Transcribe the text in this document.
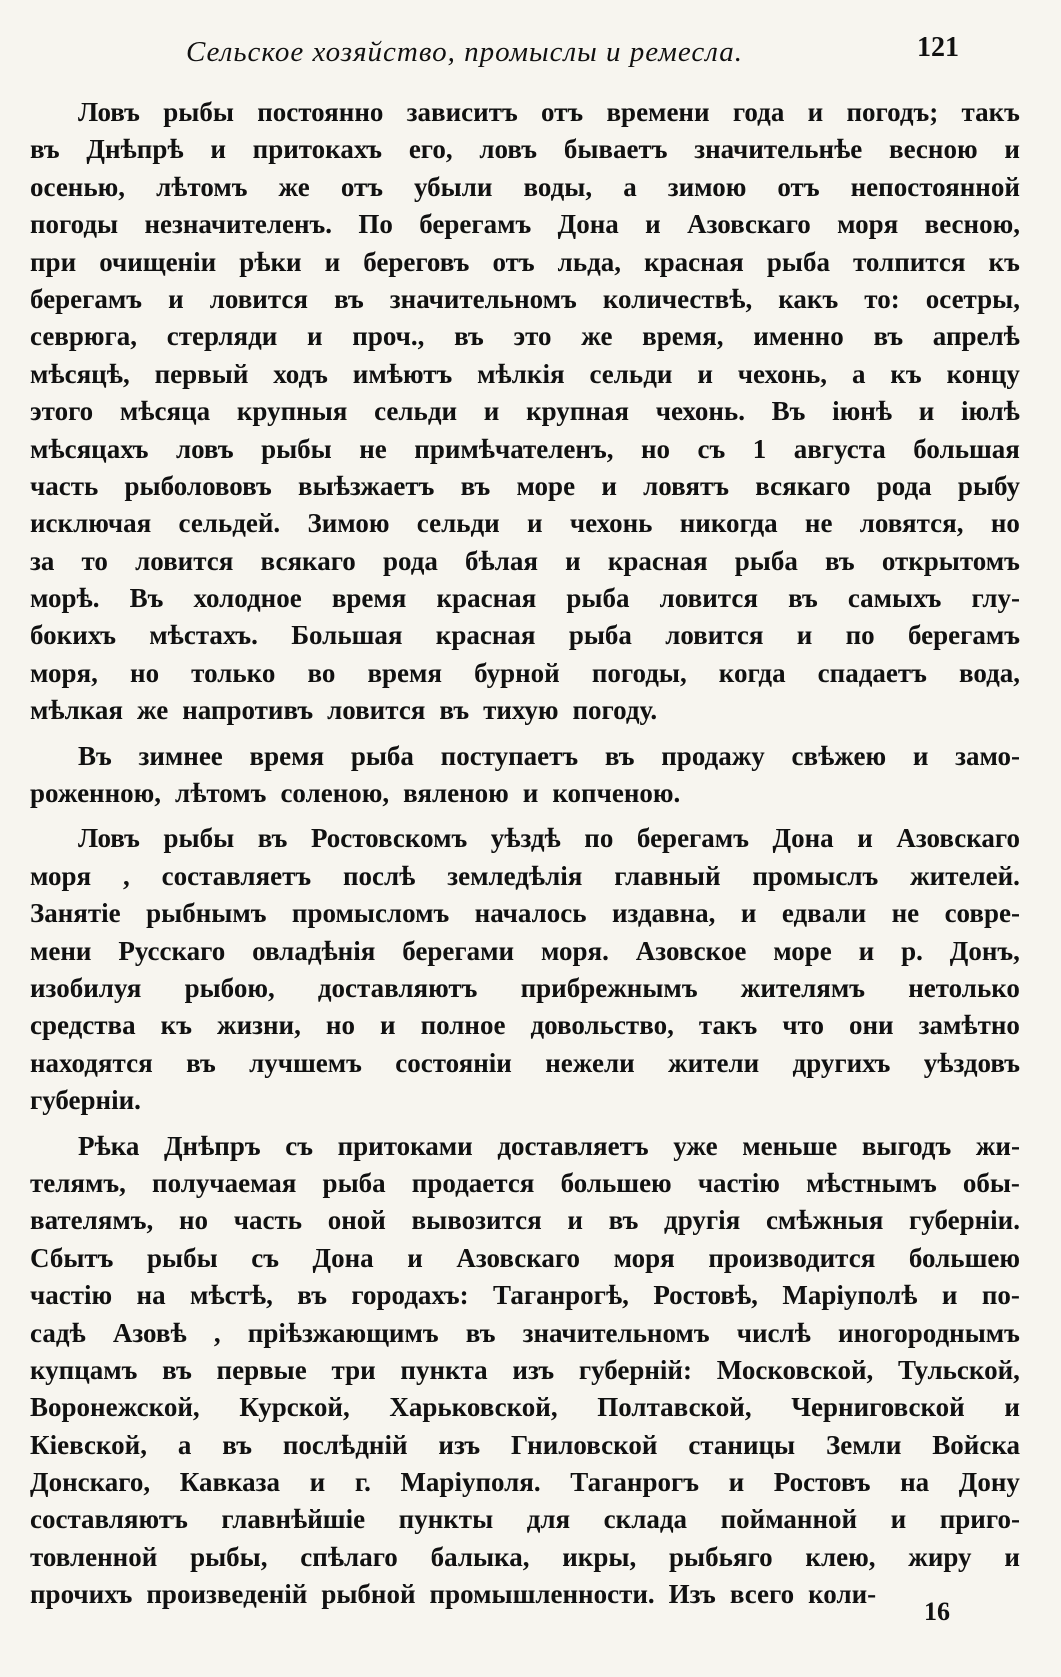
Сельское хозяйство, промыслы и ремесла.	121
Ловъ рыбы постоянно зависитъ отъ времени года и погодъ; такъ
въ Днѣпрѣ и притокахъ его, ловъ бываетъ значительнѣе весною и
осенью, лѣтомъ же отъ убыли воды, а зимою отъ непостоянной
погоды незначителенъ. По берегамъ Дона и Азовскаго моря весною,
при очищенiи рѣки и береговъ отъ льда, красная рыба толпится къ
берегамъ и ловится въ значительномъ количествѣ, какъ то: осетры,
севрюга, стерляди и проч., въ это же время, именно въ апрелѣ
мѣсяцѣ, первый ходъ имѣютъ мѣлкiя сельди и чехонь, а къ концу
этого мѣсяца крупныя сельди и крупная чехонь. Въ iюнѣ и iюлѣ
мѣсяцахъ ловъ рыбы не примѣчателенъ, но съ 1 августа большая
часть рыболововъ выѣзжаетъ въ море и ловятъ всякаго рода рыбу
исключая сельдей. Зимою сельди и чехонь никогда не ловятся, но
за то ловится всякаго рода бѣлая и красная рыба въ открытомъ
морѣ. Въ холодное время красная рыба ловится въ самыхъ глу-
бокихъ мѣстахъ. Большая красная рыба ловится и по берегамъ
моря, но только во время бурной погоды, когда спадаетъ вода,
мѣлкая же напротивъ ловится въ тихую погоду.
Въ зимнее время рыба поступаетъ въ продажу свѣжею и замо-
роженною, лѣтомъ соленою, вяленою и копченою.
Ловъ рыбы въ Ростовскомъ уѣздѣ по берегамъ Дона и Азовскаго
моря , составляетъ послѣ земледѣлiя главный промыслъ жителей.
Занятiе рыбнымъ промысломъ началось издавна, и едвали не совре-
мени Русскаго овладѣнiя берегами моря. Азовское море и р. Донъ,
изобилуя рыбою, доставляютъ прибрежнымъ жителямъ нетолько
средства къ жизни, но и полное довольство, такъ что они замѣтно
находятся въ лучшемъ состоянiи нежели жители другихъ уѣздовъ
губернiи.
Рѣка Днѣпръ съ притоками доставляетъ уже меньше выгодъ жи-
телямъ, получаемая рыба продается большею частiю мѣстнымъ обы-
вателямъ, но часть оной вывозится и въ другiя смѣжныя губернiи.
Сбытъ рыбы съ Дона и Азовскаго моря производится большею
частiю на мѣстѣ, въ городахъ: Таганрогѣ, Ростовѣ, Марiуполѣ и по-
садѣ Азовѣ , прiѣзжающимъ въ значительномъ числѣ иногороднымъ
купцамъ въ первые три пункта изъ губернiй: Московской, Тульской,
Воронежской, Курской, Харьковской, Полтавской, Черниговской и
Кiевской, а въ послѣднiй изъ Гниловской станицы Земли Войска
Донскаго, Кавказа и г. Марiуполя. Таганрогъ и Ростовъ на Дону
составляютъ главнѣйшiе пункты для склада пойманной и приго-
товленной рыбы, спѣлаго балыка, икры, рыбьяго клею, жиру и
прочихъ произведенiй рыбной промышленности. Изъ всего коли-
16
